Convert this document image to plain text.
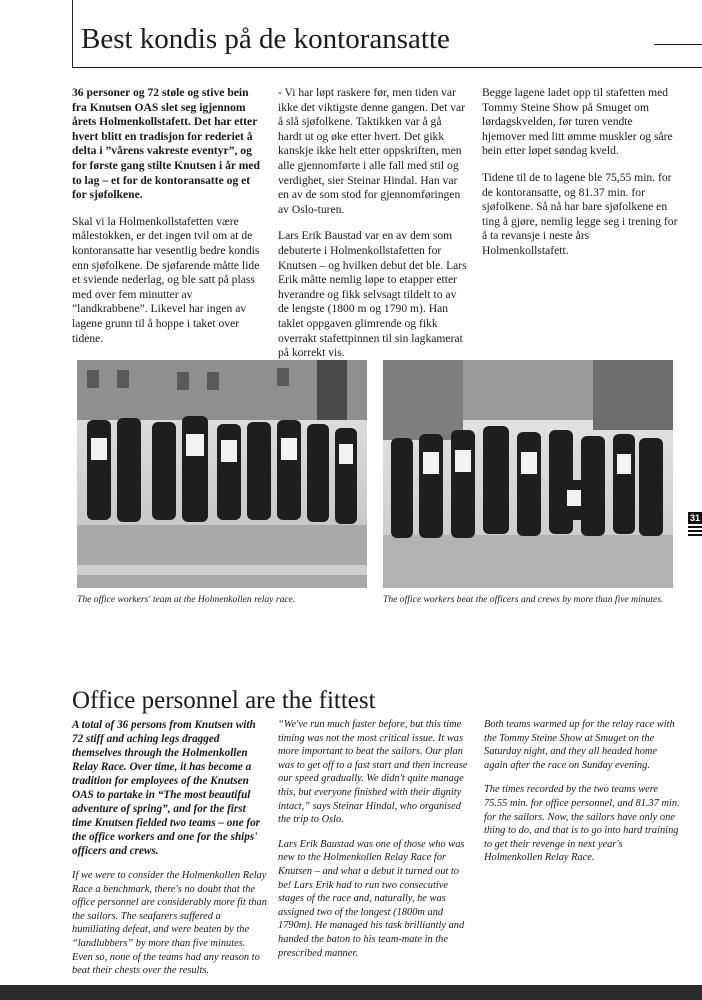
Best kondis på de kontoransatte

36 personer og 72 støle og stive bein fra Knutsen OAS slet seg igjennom årets Holmenkollstafett. Det har etter hvert blitt en tradisjon for rederiet å delta i ”vårens vakreste eventyr”, og for første gang stilte Knutsen i år med to lag – et for de kontoransatte og et for sjøfolkene.

Skal vi la Holmenkollstafetten være målestokken, er det ingen tvil om at de kontoransatte har vesentlig bedre kondis enn sjøfolkene. De sjøfarende måtte lide et sviende nederlag, og ble satt på plass med over fem minutter av ”landkrabbene”. Likevel har ingen av lagene grunn til å hoppe i taket over tidene.

- Vi har løpt raskere før, men tiden var ikke det viktigste denne gangen. Det var å slå sjøfolkene. Taktikken var å gå hardt ut og øke etter hvert. Det gikk kanskje ikke helt etter oppskriften, men alle gjennomførte i alle fall med stil og verdighet, sier Steinar Hindal. Han var en av de som stod for gjennomføringen av Oslo-turen.

Lars Erik Baustad var en av dem som debuterte i Holmenkollstafetten for Knutsen – og hvilken debut det ble. Lars Erik måtte nemlig løpe to etapper etter hverandre og fikk selvsagt tildelt to av de lengste (1800 m og 1790 m). Han taklet oppgaven glimrende og fikk overrakt stafettpinnen til sin lagkamerat på korrekt vis.

Begge lagene ladet opp til stafetten med Tommy Steine Show på Smuget om lørdagskvelden, før turen vendte hjemover med litt ømme muskler og såre bein etter løpet søndag kveld.

Tidene til de to lagene ble 75,55 min. for de kontoransatte, og 81.37 min. for sjøfolkene. Så nå har bare sjøfolkene en ting å gjøre, nemlig legge seg i trening for å ta revansje i neste års Holmenkollstafett.

The office workers' team at the Holmenkollen relay race.	The office workers beat the officers and crews by more than five minutes.
31
Office personnel are the fittest

A total of 36 persons from Knutsen with 72 stiff and aching legs dragged themselves through the Holmenkollen Relay Race. Over time, it has become a tradition for employees of the Knutsen OAS to partake in “The most beautiful adventure of spring”, and for the first time Knutsen fielded two teams – one for the office workers and one for the ships' officers and crews.

If we were to consider the Holmenkollen Relay Race a benchmark, there's no doubt that the office personnel are considerably more fit than the sailors. The seafarers suffered a humiliating defeat, and were beaten by the “landlubbers” by more than five minutes. Even so, none of the teams had any reason to beat their chests over the results.

“We've run much faster before, but this time timing was not the most critical issue. It was more important to beat the sailors. Our plan was to get off to a fast start and then increase our speed gradually. We didn't quite manage this, but everyone finished with their dignity intact,” says Steinar Hindal, who organised the trip to Oslo.

Lars Erik Baustad was one of those who was new to the Holmenkollen Relay Race for Knutsen – and what a debut it turned out to be! Lars Erik had to run two consecutive stages of the race and, naturally, he was assigned two of the longest (1800m and 1790m). He managed his task brilliantly and handed the baton to his team-mate in the prescribed manner.

Both teams warmed up for the relay race with the Tommy Steine Show at Smuget on the Saturday night, and they all headed home again after the race on Sunday evening.

The times recorded by the two teams were 75.55 min. for office personnel, and 81.37 min. for the sailors. Now, the sailors have only one thing to do, and that is to go into hard training to get their revenge in next year's Holmenkollen Relay Race.
